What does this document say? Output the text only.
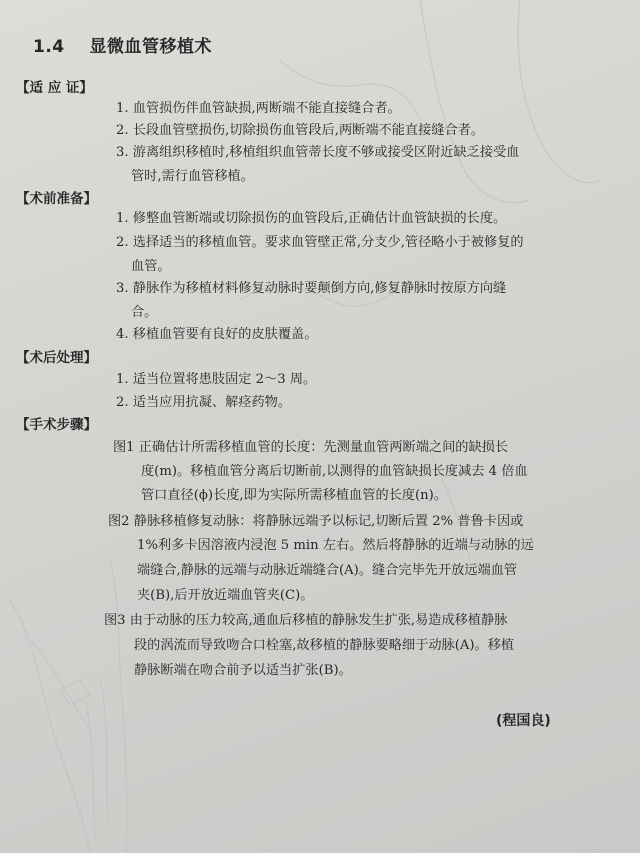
1.4 显微血管移植术
【适 应 证】
1. 血管损伤伴血管缺损,两断端不能直接缝合者。
2. 长段血管壁损伤,切除损伤血管段后,两断端不能直接缝合者。
3. 游离组织移植时,移植组织血管蒂长度不够或接受区附近缺乏接受血
管时,需行血管移植。
【术前准备】
1. 修整血管断端或切除损伤的血管段后,正确估计血管缺损的长度。
2. 选择适当的移植血管。要求血管壁正常,分支少,管径略小于被修复的
血管。
3. 静脉作为移植材料修复动脉时要颠倒方向,修复静脉时按原方向缝
合。
4. 移植血管要有良好的皮肤覆盖。
【术后处理】
1. 适当位置将患肢固定 2～3 周。
2. 适当应用抗凝、解痉药物。
【手术步骤】
图1 正确估计所需移植血管的长度：先测量血管两断端之间的缺损长
度(m)。移植血管分离后切断前,以测得的血管缺损长度减去 4 倍血
管口直径(ϕ)长度,即为实际所需移植血管的长度(n)。
图2 静脉移植修复动脉：将静脉远端予以标记,切断后置 2% 普鲁卡因或
1%利多卡因溶液内浸泡 5 min 左右。然后将静脉的近端与动脉的远
端缝合,静脉的远端与动脉近端缝合(A)。缝合完毕先开放远端血管
夹(B),后开放近端血管夹(C)。
图3 由于动脉的压力较高,通血后移植的静脉发生扩张,易造成移植静脉
段的涡流而导致吻合口栓塞,故移植的静脉要略细于动脉(A)。移植
静脉断端在吻合前予以适当扩张(B)。
(程国良)
